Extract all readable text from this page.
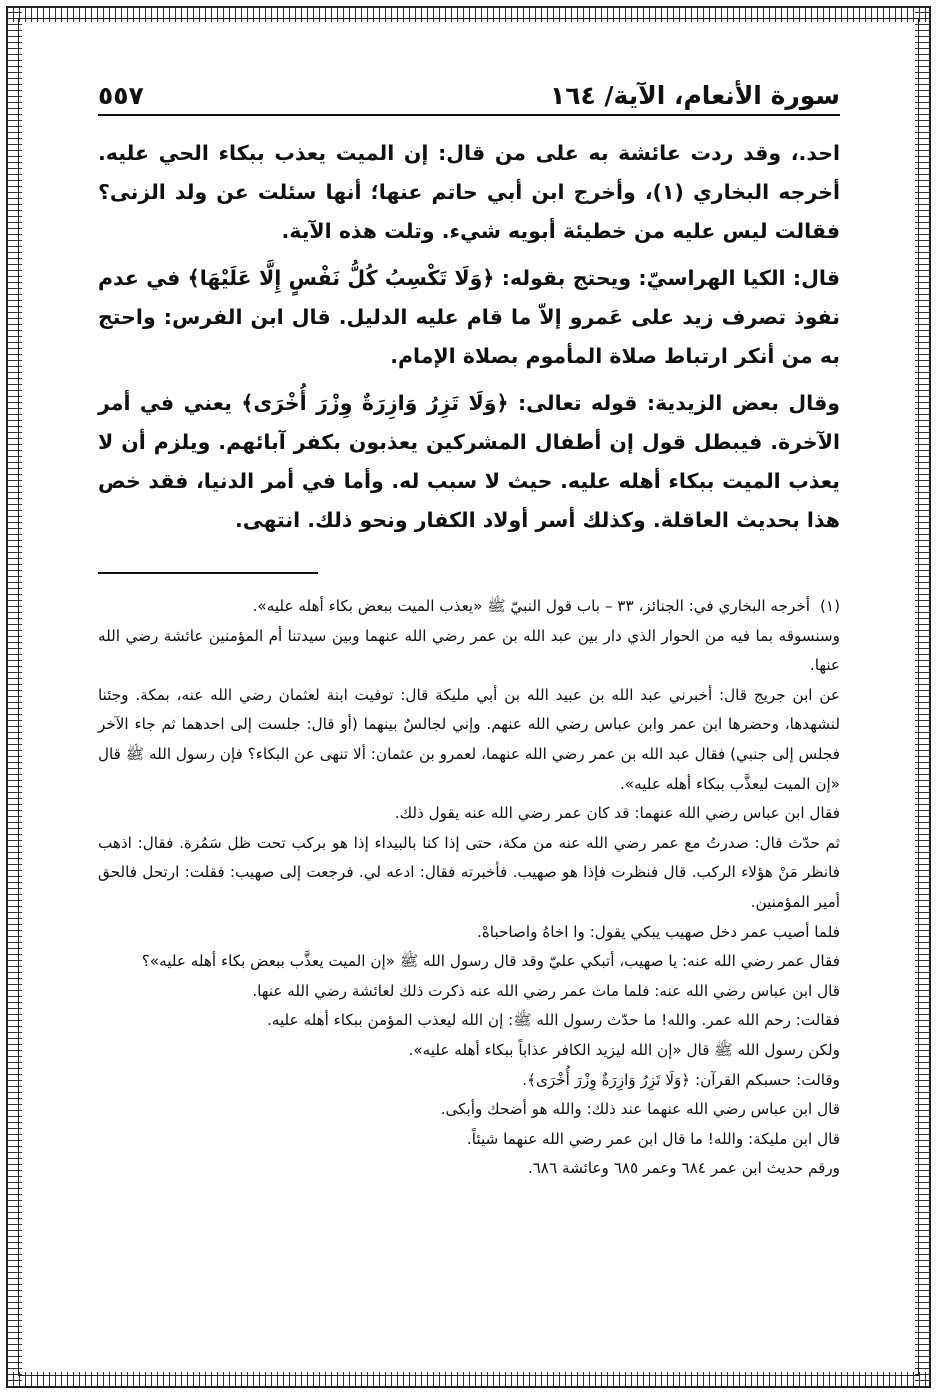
سورة الأنعام، الآية/ ١٦٤
٥٥٧

احد.، وقد ردت عائشة به على من قال: إن الميت يعذب ببكاء الحي عليه. أخرجه البخاري (١)، وأخرج ابن أبي حاتم عنها؛ أنها سئلت عن ولد الزنى؟ فقالت ليس عليه من خطيئة أبويه شيء. وتلت هذه الآية.

قال: الكيا الهراسيّ: ويحتج بقوله: ﴿وَلَا تَكْسِبُ كُلُّ نَفْسٍ إِلَّا عَلَيْهَا﴾ في عدم نفوذ تصرف زيد على عَمرو إلاّ ما قام عليه الدليل. قال ابن الفرس: واحتج به من أنكر ارتباط صلاة المأموم بصلاة الإمام.

وقال بعض الزيدية: قوله تعالى: ﴿وَلَا تَزِرُ وَازِرَةٌ وِزْرَ أُخْرَى﴾ يعني في أمر الآخرة. فيبطل قول إن أطفال المشركين يعذبون بكفر آبائهم. ويلزم أن لا يعذب الميت ببكاء أهله عليه. حيث لا سبب له. وأما في أمر الدنيا، فقد خص هذا بحديث العاقلة. وكذلك أسر أولاد الكفار ونحو ذلك. انتهى.

(١)
أخرجه البخاري في: الجنائز، ٣٣ – باب قول النبيّ ﷺ «يعذب الميت ببعض بكاء أهله عليه».

وسنسوقه بما فيه من الحوار الذي دار بين عبد الله بن عمر رضي الله عنهما وبين سيدتنا أم المؤمنين عائشة رضي الله عنها.

عن ابن جريج قال: أخبرني عبد الله بن عبيد الله بن أبي مليكة قال: توفيت ابنة لعثمان رضي الله عنه، بمكة. وجئنا لنشهدها، وحضرها ابن عمر وابن عباس رضي الله عنهم. وإني لجالسٌ بينهما (أو قال: جلست إلى احدهما ثم جاء الآخر فجلس إلى جنبي) فقال عبد الله بن عمر رضي الله عنهما، لعمرو بن عثمان: ألا تنهى عن البكاء؟ فإن رسول الله ﷺ قال «إن الميت ليعذَّب ببكاء أهله عليه».

فقال ابن عباس رضي الله عنهما: قد كان عمر رضي الله عنه يقول ذلك.

ثم حدّث قال: صدرتُ مع عمر رضي الله عنه من مكة، حتى إذا كنا بالبيداء إذا هو بركب تحت ظل سَمُرة. فقال: اذهب فانظر مَنْ هؤلاء الركب. قال فنظرت فإذا هو صهيب. فأخبرته فقال: ادعه لي. فرجعت إلى صهيب: فقلت: ارتحل فالحق أمير المؤمنين.

فلما أصيب عمر دخل صهيب يبكي يقول: وا اخاهُ واصاحباهْ.

فقال عمر رضي الله عنه: يا صهيب، أتبكي عليّ وقد قال رسول الله ﷺ «إن الميت يعذَّب ببعض بكاء أهله عليه»؟

قال ابن عباس رضي الله عنه: فلما مات عمر رضي الله عنه ذكرت ذلك لعائشة رضي الله عنها.

فقالت: رحم الله عمر. والله! ما حدّث رسول الله ﷺ: إن الله ليعذب المؤمن ببكاء أهله عليه.

ولكن رسول الله ﷺ قال «إن الله ليزيد الكافر عذاباً ببكاء أهله عليه».

وقالت: حسبكم القرآن: ﴿وَلَا تَزِرُ وَازِرَةٌ وِزْرَ أُخْرَى﴾.

قال ابن عباس رضي الله عنهما عند ذلك: والله هو أضحك وأبكى.

قال ابن مليكة: والله! ما قال ابن عمر رضي الله عنهما شيئاً.

ورقم حديث ابن عمر ٦٨٤ وعمر ٦٨٥ وعائشة ٦٨٦.
